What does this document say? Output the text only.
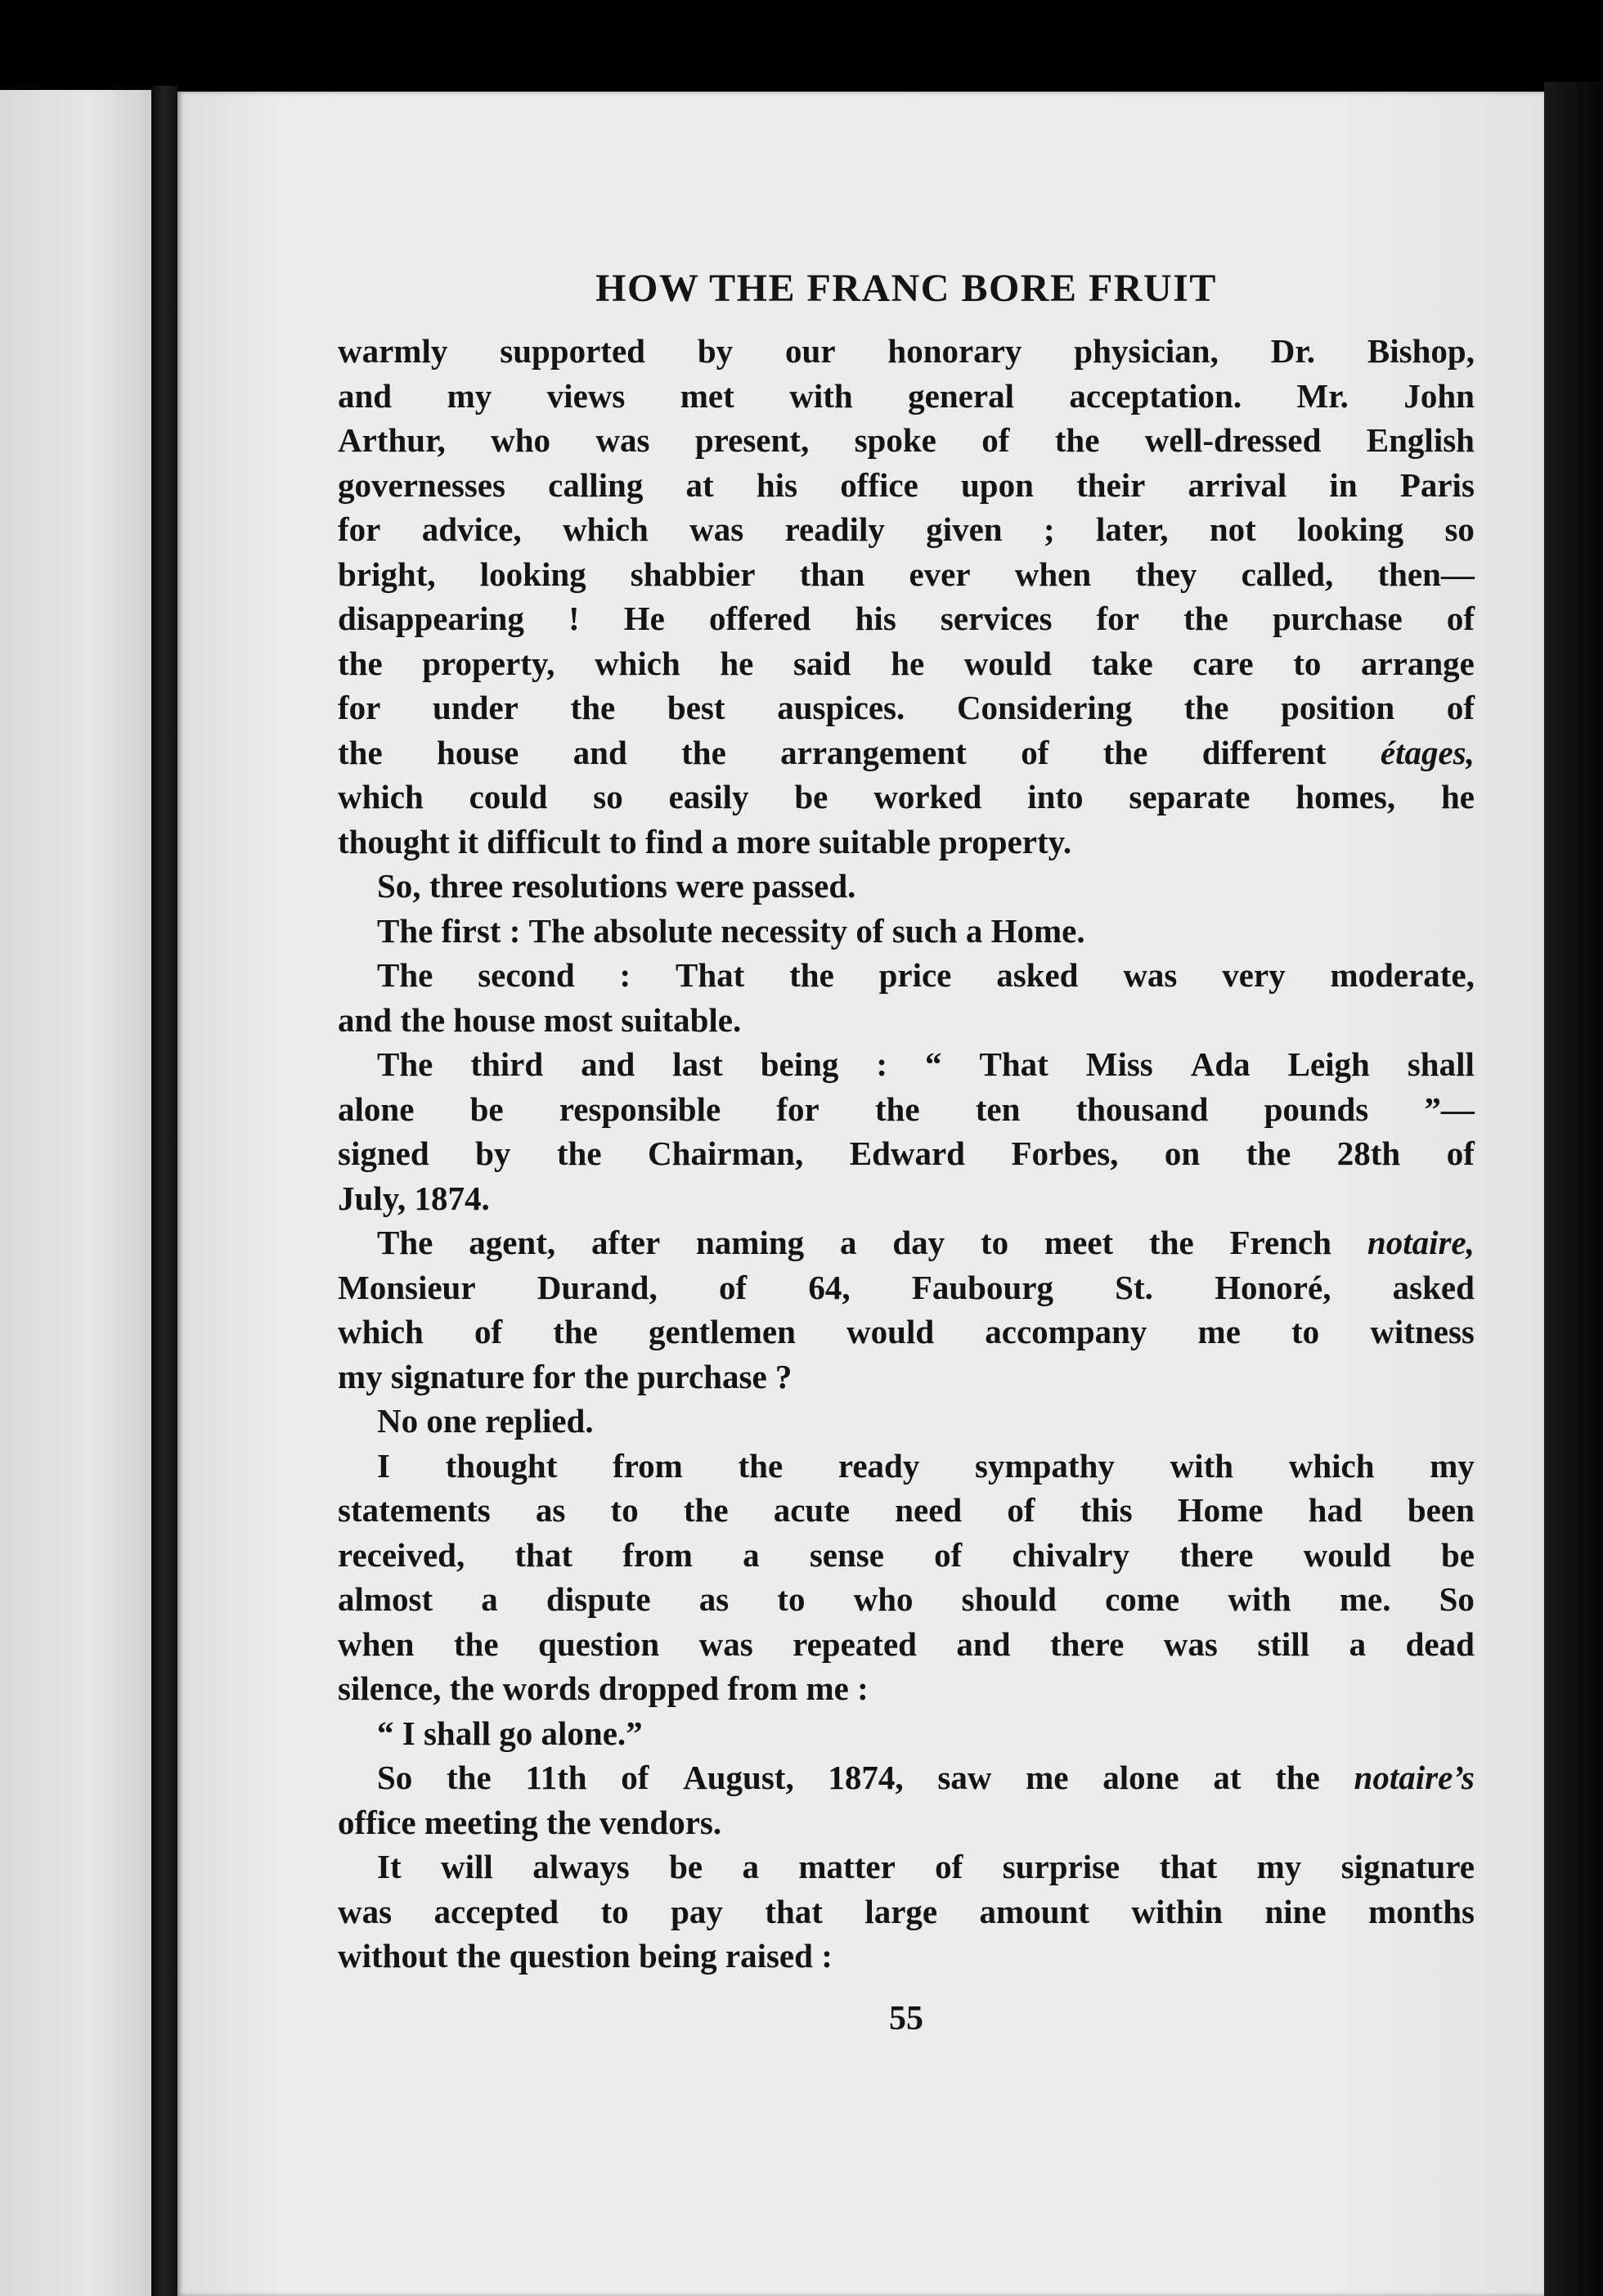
HOW THE FRANC BORE FRUIT
warmly supported by our honorary physician, Dr. Bishop,
and my views met with general acceptation. Mr. John
Arthur, who was present, spoke of the well-dressed English
governesses calling at his office upon their arrival in Paris
for advice, which was readily given ; later, not looking so
bright, looking shabbier than ever when they called, then—
disappearing ! He offered his services for the purchase of
the property, which he said he would take care to arrange
for under the best auspices. Considering the position of
the house and the arrangement of the different étages,
which could so easily be worked into separate homes, he
thought it difficult to find a more suitable property.
So, three resolutions were passed.
The first : The absolute necessity of such a Home.
The second : That the price asked was very moderate,
and the house most suitable.
The third and last being : “ That Miss Ada Leigh shall
alone be responsible for the ten thousand pounds ”—
signed by the Chairman, Edward Forbes, on the 28th of
July, 1874.
The agent, after naming a day to meet the French notaire,
Monsieur Durand, of 64, Faubourg St. Honoré, asked
which of the gentlemen would accompany me to witness
my signature for the purchase ?
No one replied.
I thought from the ready sympathy with which my
statements as to the acute need of this Home had been
received, that from a sense of chivalry there would be
almost a dispute as to who should come with me. So
when the question was repeated and there was still a dead
silence, the words dropped from me :
“ I shall go alone.”
So the 11th of August, 1874, saw me alone at the notaire’s
office meeting the vendors.
It will always be a matter of surprise that my signature
was accepted to pay that large amount within nine months
without the question being raised :
55
